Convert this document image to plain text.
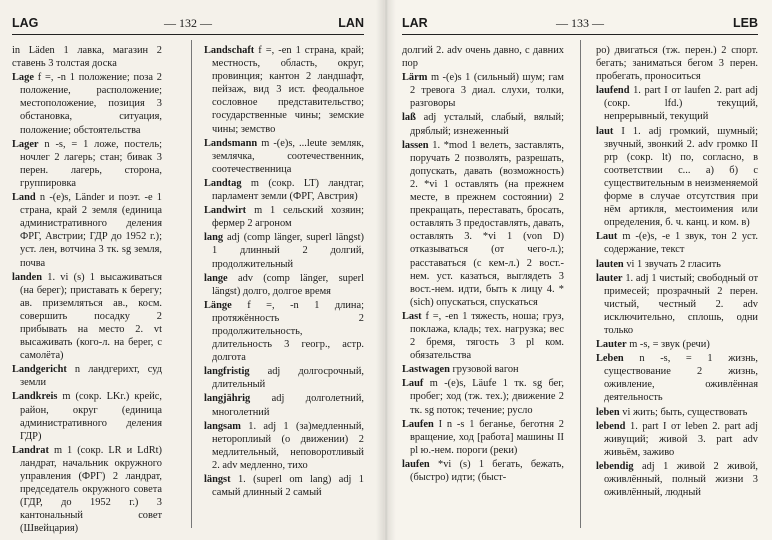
LAG	— 132 —	LAN
in Läden 1 лавка, магазин 2 ставень 3 толстая доска
Lage f =, -n 1 положение; поза 2 положение, расположение; местоположение, позиция 3 обстановка, ситуация, положение; обстоятельства
Lager n -s, = 1 ложе, постель; ночлег 2 лагерь; стан; бивак 3 перен. лагерь, сторона, группировка
Land n -(e)s, Länder и поэт. -e 1 страна, край 2 земля (единица административного деления ФРГ, Австрии; ГДР до 1952 г.); уст. лен, вотчина 3 тк. sg земля, почва
landen 1. vi (s) 1 высаживаться (на берег); приставать к берегу; ав. приземляться ав., косм. совершить посадку 2 прибывать на место 2. vt высаживать (кого-л. на берег, с самолёта)
Landgericht n ландгерихт, суд земли
Landkreis m (сокр. LKr.) крейс, район, округ (единица административного деления ГДР)
Landrat m 1 (сокр. LR и LdRt) ландрат, начальник окружного управления (ФРГ) 2 ландрат, председатель окружного совета (ГДР, до 1952 г.) 3 кантональный совет (Швейцария)
Landschaft f =, -en 1 страна, край; местность, область, округ, провинция; кантон 2 ландшафт, пейзаж, вид 3 ист. феодальное сословное представительство; государственные чины; земские чины; земство
Landsmann m -(e)s, ...leute земляк, землячка, соотечественник, соотечественница
Landtag m (сокр. LT) ландтаг, парламент земли (ФРГ, Австрия)
Landwirt m 1 сельский хозяин; фермер 2 агроном
lang adj (comp länger, superl längst) 1 длинный 2 долгий, продолжительный
lange adv (comp länger, superl längst) долго, долгое время
Länge f =, -n 1 длина; протяжённость 2 продолжительность, длительность 3 геогр., астр. долгота
langfristig adj долгосрочный, длительный
langjährig adj долголетний, многолетний
langsam 1. adj 1 (за)медленный, нетороплиый (о движении) 2 медлительный, неповоротливый 2. adv медленно, тихо
längst 1. (superl om lang) adj 1 самый длинный 2 самый
LAR	— 133 —	LEB
долгий 2. adv очень давно, с давних пор
Lärm m -(e)s 1 (сильный) шум; гам 2 тревога 3 диал. слухи, толки, разговоры
laß adj усталый, слабый, вялый; дряблый; изнеженный
lassen 1. *mod 1 велеть, заставлять, поручать 2 позволять, разрешать, допускать, давать (возможность) 2. *vi 1 оставлять (на прежнем месте, в прежнем состоянии) 2 прекращать, переставать, бросать, оставлять 3 предоставлять, давать, оставлять 3. *vi 1 (von D) отказываться (от чего-л.); расставаться (с кем-л.) 2 вост.-нем. уст. казаться, выглядеть 3 вост.-нем. идти, быть к лицу 4. * (sich) опускаться, спускаться
Last f =, -en 1 тяжесть, ноша; груз, поклажа, кладь; тех. нагрузка; вес 2 бремя, тягость 3 pl ком. обязательства
Lastwagen грузовой вагон
Lauf m -(e)s, Läufe 1 тк. sg бег, пробег; ход (тж. тех.); движение 2 тк. sg поток; течение; русло
Laufen I n -s 1 беганье, беготня 2 вращение, ход [работа] машины II pl ю.-нем. пороги (реки)
laufen *vi (s) 1 бегать, бежать, (быстро) идти; (быст-
ро) двигаться (тж. перен.) 2 спорт. бегать; заниматься бегом 3 перен. пробегать, проноситься
laufend 1. part I от laufen 2. part adj (сокр. lfd.) текущий, непрерывный, текущий
laut I 1. adj громкий, шумный; звучный, звонкий 2. adv громко II prp (сокр. lt) по, согласно, в соответствии с... а) б) с существительным в неизменяемой форме в случае отсутствия при нём артикля, местоимения или определения, б. ч. канц. и ком. в)
Laut m -(e)s, -e 1 звук, тон 2 уст. содержание, текст
lauten vi 1 звучать 2 гласить
lauter 1. adj 1 чистый; свободный от примесей; прозрачный 2 перен. чистый, честный 2. adv исключительно, сплошь, одни только
Lauter m -s, = звук (речи)
Leben n -s, = 1 жизнь, существование 2 жизнь, оживление, оживлённая деятельность
leben vi жить; быть, существовать
lebend 1. part I от leben 2. part adj живущий; живой 3. part adv живьём, заживо
lebendig adj 1 живой 2 живой, оживлённый, полный жизни 3 оживлённый, людный
